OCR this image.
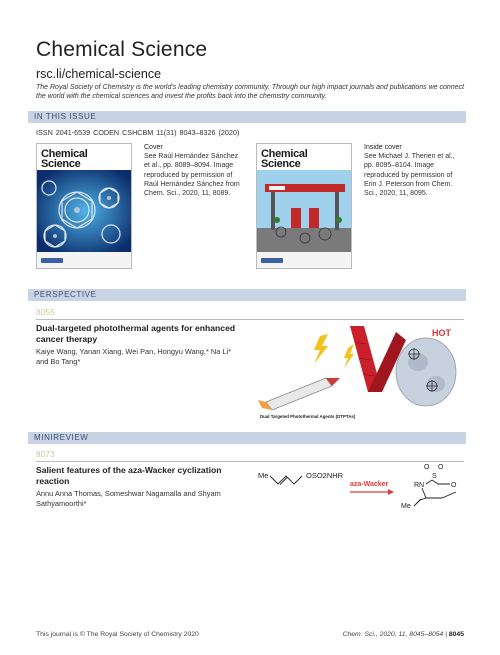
Chemical Science
rsc.li/chemical-science
The Royal Society of Chemistry is the world's leading chemistry community. Through our high impact journals and publications we connect the world with the chemical sciences and invest the profits back into the chemistry community.
IN THIS ISSUE
ISSN 2041-6539 CODEN CSHCBM 11(31) 8043–8326 (2020)
Chemical Science
Cover
See Raúl Hernández Sánchez et al., pp. 8089–8094. Image reproduced by permission of Raúl Hernández Sánchez from Chem. Sci., 2020, 11, 8089.
Chemical Science
Inside cover
See Michael J. Therien et al., pp. 8095–8104. Image reproduced by permission of Erin J. Peterson from Chem. Sci., 2020, 11, 8095.
PERSPECTIVE
8055
Dual-targeted photothermal agents for enhanced cancer therapy
Kaiye Wang, Yanan Xiang, Wei Pan, Hongyu Wang,* Na Li* and Bo Tang*
HOT
Dual Targeted Photothermal Agents (DTPTAs)
MINIREVIEW
8073
Salient features of the aza-Wacker cyclization reaction
Annu Anna Thomas, Someshwar Nagamalla and Shyam Sathyamoorthi*
Me	OSO2NHR
aza-Wacker
O O
S
RN	O
Me
This journal is © The Royal Society of Chemistry 2020	Chem. Sci., 2020, 11, 8045–8054 | 8045
